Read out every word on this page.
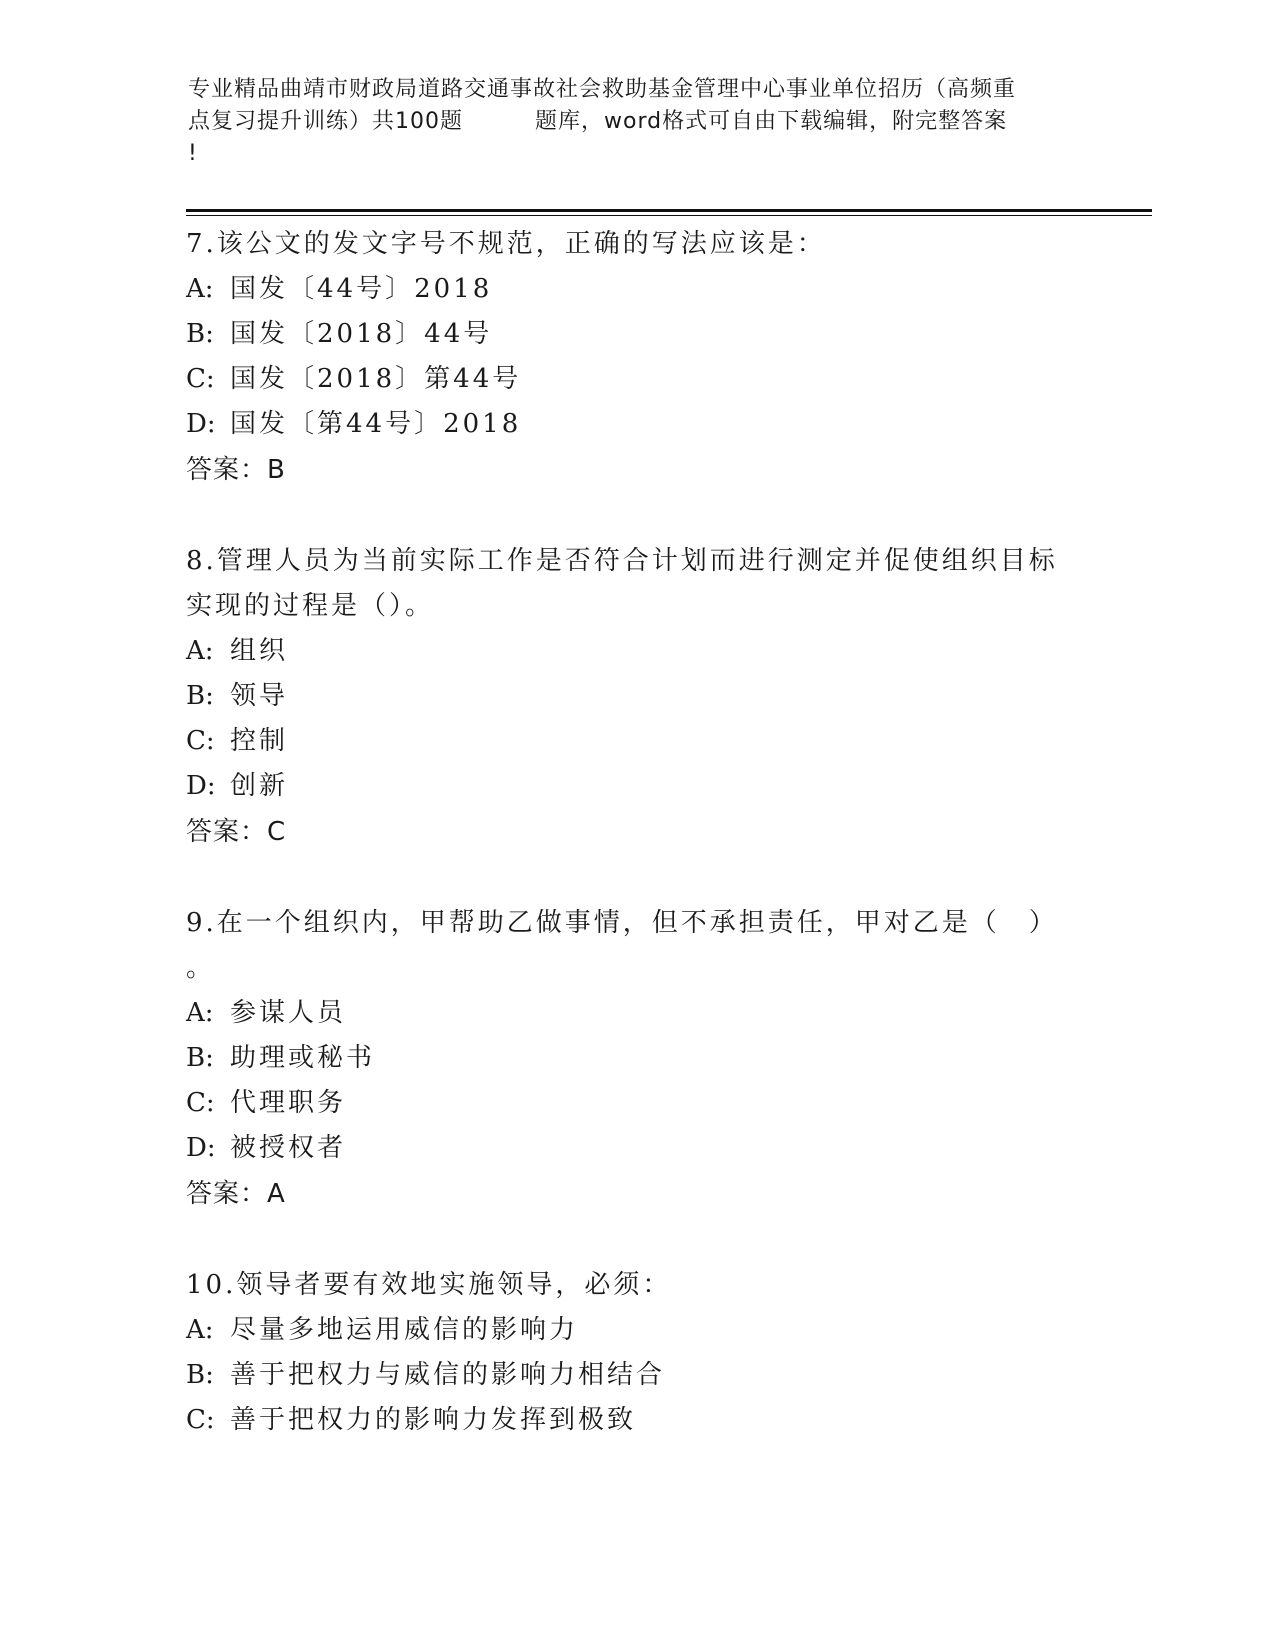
专业精品曲靖市财政局道路交通事故社会救助基金管理中心事业单位招历（高频重
点复习提升训练）共100题	题库，word格式可自由下载编辑，附完整答案
!
7.该公文的发文字号不规范，正确的写法应该是：
A: 国发〔44号〕2018
B: 国发〔2018〕44号
C: 国发〔2018〕第44号
D: 国发〔第44号〕2018
答案：B
8.管理人员为当前实际工作是否符合计划而进行测定并促使组织目标
实现的过程是（）。
A: 组织
B: 领导
C: 控制
D: 创新
答案：C
9.在一个组织内，甲帮助乙做事情，但不承担责任，甲对乙是（　）
。
A: 参谋人员
B: 助理或秘书
C: 代理职务
D: 被授权者
答案：A
10.领导者要有效地实施领导，必须：
A: 尽量多地运用威信的影响力
B: 善于把权力与威信的影响力相结合
C: 善于把权力的影响力发挥到极致
